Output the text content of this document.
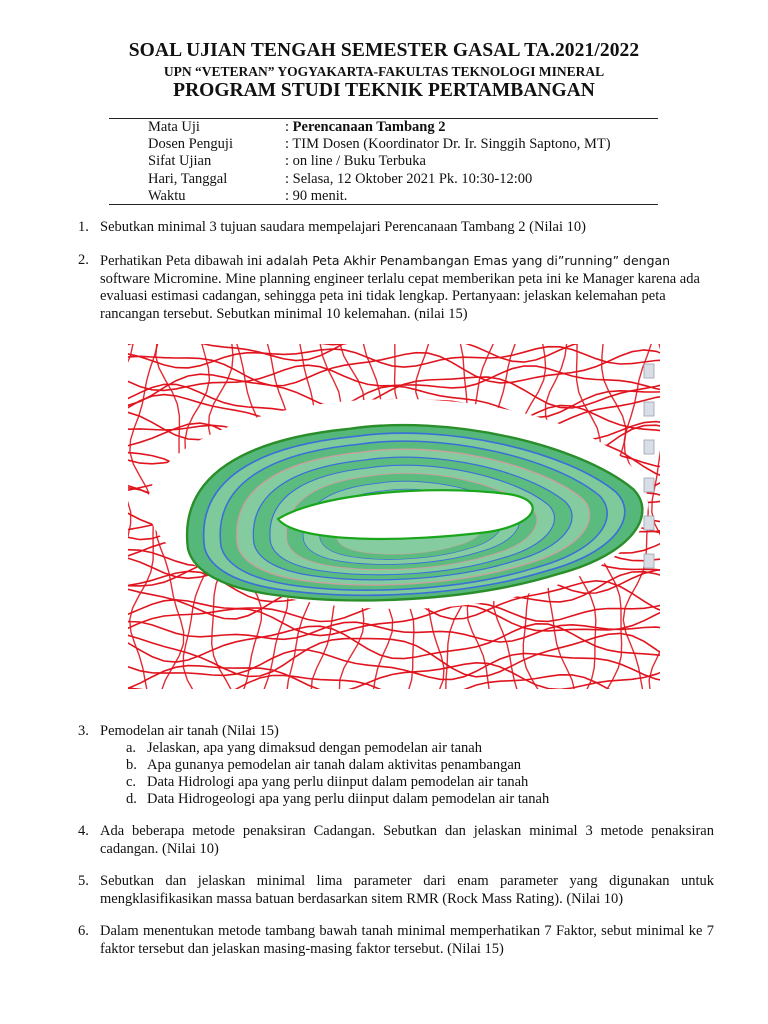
SOAL UJIAN TENGAH SEMESTER GASAL TA.2021/2022
UPN “VETERAN” YOGYAKARTA-FAKULTAS TEKNOLOGI MINERAL
PROGRAM STUDI TEKNIK PERTAMBANGAN
Mata Uji	: Perencanaan Tambang 2
Dosen Penguji	: TIM Dosen (Koordinator Dr. Ir. Singgih Saptono, MT)
Sifat Ujian	: on line / Buku Terbuka
Hari, Tanggal	: Selasa, 12 Oktober 2021 Pk. 10:30-12:00
Waktu	: 90 menit.
1. Sebutkan minimal 3 tujuan saudara mempelajari Perencanaan Tambang 2 (Nilai 10)
2. Perhatikan Peta dibawah ini adalah Peta Akhir Penambangan Emas yang di”running” dengan software Micromine. Mine planning engineer terlalu cepat memberikan peta ini ke Manager karena ada evaluasi estimasi cadangan, sehingga peta ini tidak lengkap. Pertanyaan: jelaskan kelemahan peta rancangan tersebut. Sebutkan minimal 10 kelemahan. (nilai 15)
3. Pemodelan air tanah (Nilai 15)
a. Jelaskan, apa yang dimaksud dengan pemodelan air tanah
b. Apa gunanya pemodelan air tanah dalam aktivitas penambangan
c. Data Hidrologi apa yang perlu diinput dalam pemodelan air tanah
d. Data Hidrogeologi apa yang perlu diinput dalam pemodelan air tanah
4. Ada beberapa metode penaksiran Cadangan. Sebutkan dan jelaskan minimal 3 metode penaksiran cadangan. (Nilai 10)
5. Sebutkan dan jelaskan minimal lima parameter dari enam parameter yang digunakan untuk mengklasifikasikan massa batuan berdasarkan sitem RMR (Rock Mass Rating). (Nilai 10)
6. Dalam menentukan metode tambang bawah tanah minimal memperhatikan 7 Faktor, sebut minimal ke 7 faktor tersebut dan jelaskan masing-masing faktor tersebut. (Nilai 15)
